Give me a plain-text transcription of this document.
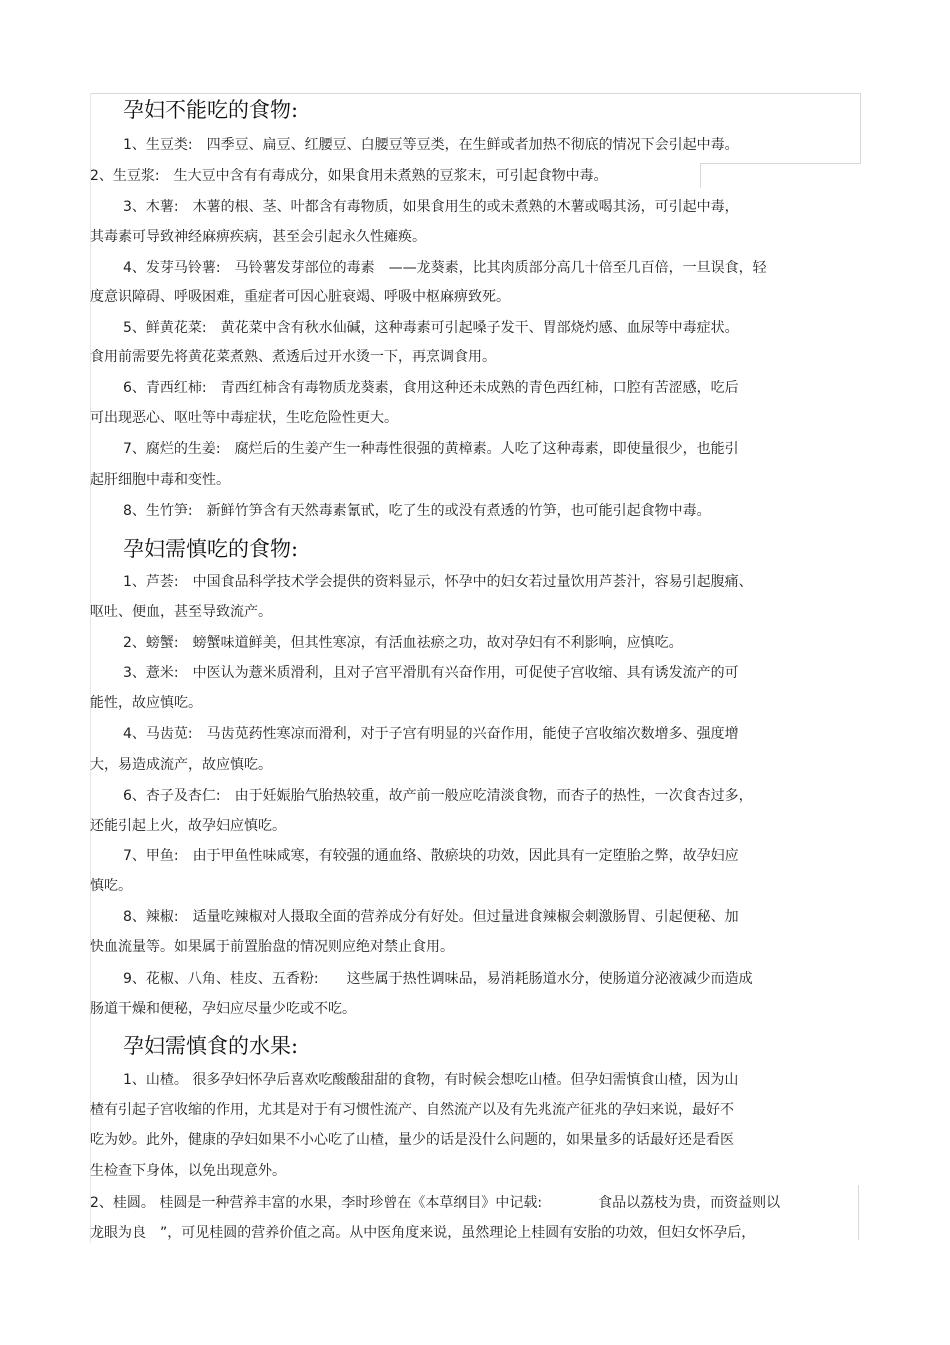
孕妇不能吃的食物:
1、生豆类:　四季豆、扁豆、红腰豆、白腰豆等豆类，在生鲜或者加热不彻底的情况下会引起中毒。
2、生豆浆:　生大豆中含有有毒成分，如果食用未煮熟的豆浆末，可引起食物中毒。
3、木薯:　木薯的根、茎、叶都含有毒物质，如果食用生的或未煮熟的木薯或喝其汤，可引起中毒，
其毒素可导致神经麻痹疾病，甚至会引起永久性瘫痪。
4、发芽马铃薯:　马铃薯发芽部位的毒素　——龙葵素，比其肉质部分高几十倍至几百倍，一旦误食，轻
度意识障碍、呼吸困难，重症者可因心脏衰竭、呼吸中枢麻痹致死。
5、鲜黄花菜:　黄花菜中含有秋水仙碱，这种毒素可引起嗓子发干、胃部烧灼感、血尿等中毒症状。
食用前需要先将黄花菜煮熟、煮透后过开水烫一下，再烹调食用。
6、青西红柿:　青西红柿含有毒物质龙葵素，食用这种还未成熟的青色西红柿，口腔有苦涩感，吃后
可出现恶心、呕吐等中毒症状，生吃危险性更大。
7、腐烂的生姜:　腐烂后的生姜产生一种毒性很强的黄樟素。人吃了这种毒素，即使量很少，也能引
起肝细胞中毒和变性。
8、生竹笋:　新鲜竹笋含有天然毒素氰甙，吃了生的或没有煮透的竹笋，也可能引起食物中毒。
孕妇需慎吃的食物:
1、芦荟:　中国食品科学技术学会提供的资料显示，怀孕中的妇女若过量饮用芦荟汁，容易引起腹痛、
呕吐、便血，甚至导致流产。
2、螃蟹:　螃蟹味道鲜美，但其性寒凉，有活血祛瘀之功，故对孕妇有不利影响，应慎吃。
3、薏米:　中医认为薏米质滑利，且对子宫平滑肌有兴奋作用，可促使子宫收缩、具有诱发流产的可
能性，故应慎吃。
4、马齿苋:　马齿苋药性寒凉而滑利，对于子宫有明显的兴奋作用，能使子宫收缩次数增多、强度增
大，易造成流产，故应慎吃。
6、杏子及杏仁:　由于妊娠胎气胎热较重，故产前一般应吃清淡食物，而杏子的热性，一次食杏过多，
还能引起上火，故孕妇应慎吃。
7、甲鱼:　由于甲鱼性味咸寒，有较强的通血络、散瘀块的功效，因此具有一定堕胎之弊，故孕妇应
慎吃。
8、辣椒:　适量吃辣椒对人摄取全面的营养成分有好处。但过量进食辣椒会刺激肠胃、引起便秘、加
快血流量等。如果属于前置胎盘的情况则应绝对禁止食用。
9、花椒、八角、桂皮、五香粉:　　这些属于热性调味品，易消耗肠道水分，使肠道分泌液减少而造成
肠道干燥和便秘，孕妇应尽量少吃或不吃。
孕妇需慎食的水果:
1、山楂。 很多孕妇怀孕后喜欢吃酸酸甜甜的食物，有时候会想吃山楂。但孕妇需慎食山楂，因为山
楂有引起子宫收缩的作用，尤其是对于有习惯性流产、自然流产以及有先兆流产征兆的孕妇来说，最好不
吃为妙。此外，健康的孕妇如果不小心吃了山楂，量少的话是没什么问题的，如果量多的话最好还是看医
生检查下身体，以免出现意外。
2、桂圆。 桂圆是一种营养丰富的水果，李时珍曾在《本草纲目》中记载:　　　　食品以荔枝为贵，而资益则以
龙眼为良　”，可见桂圆的营养价值之高。从中医角度来说，虽然理论上桂圆有安胎的功效，但妇女怀孕后，
